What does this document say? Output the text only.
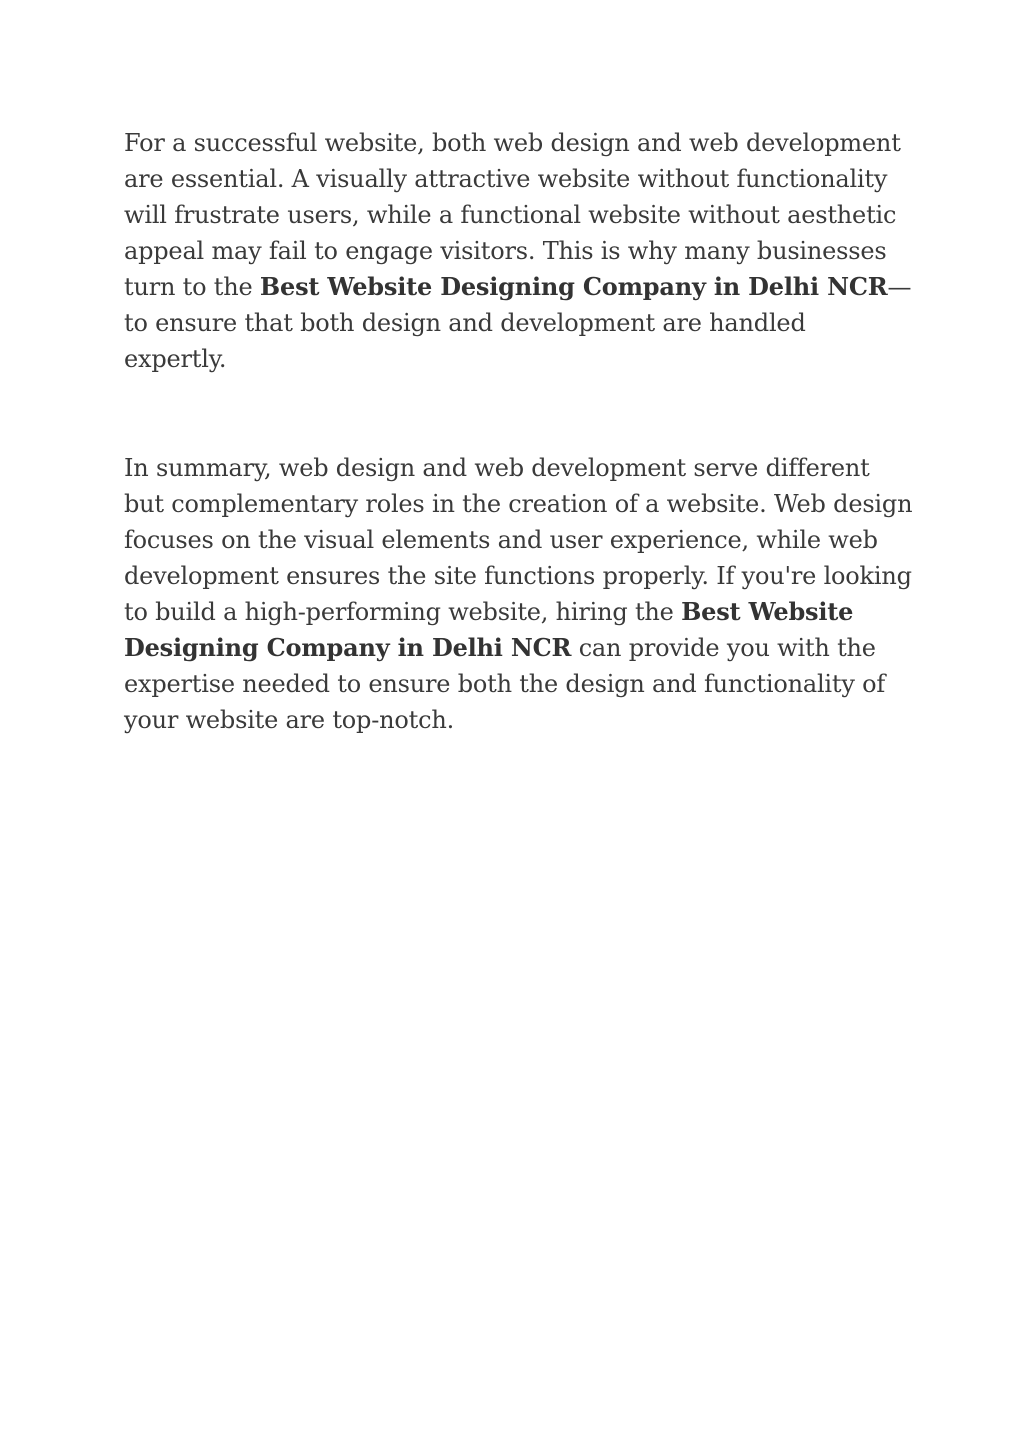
For a successful website, both web design and web development are essential. A visually attractive website without functionality will frustrate users, while a functional website without aesthetic appeal may fail to engage visitors. This is why many businesses turn to the Best Website Designing Company in Delhi NCR—to ensure that both design and development are handled expertly.

In summary, web design and web development serve different but complementary roles in the creation of a website. Web design focuses on the visual elements and user experience, while web development ensures the site functions properly. If you're looking to build a high-performing website, hiring the Best Website Designing Company in Delhi NCR can provide you with the expertise needed to ensure both the design and functionality of your website are top-notch.
